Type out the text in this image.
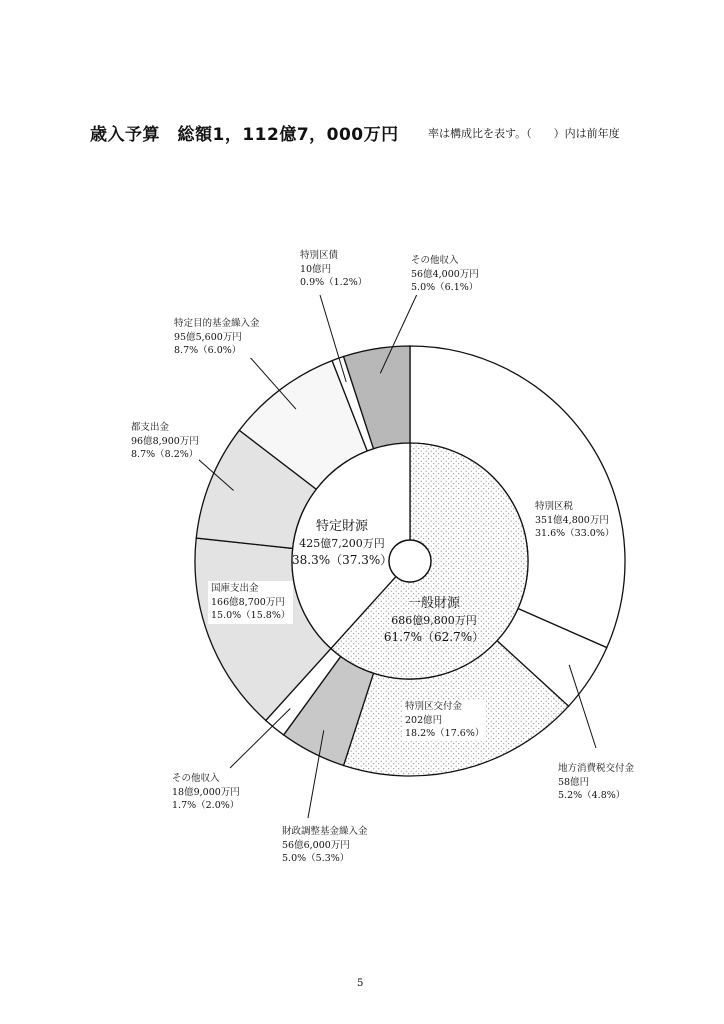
歳入予算　総額1，112億7，000万円	率は構成比を表す。（　　）内は前年度
特定財源
425億7,200万円
38.3%（37.3%）
一般財源
686億9,800万円
61.7%（62.7%）
特別区税
351億4,800万円
31.6%（33.0%）
地方消費税交付金
58億円
5.2%（4.8%）
特別区交付金
202億円
18.2%（17.6%）
財政調整基金繰入金
56億6,000万円
5.0%（5.3%）
その他収入
18億9,000万円
1.7%（2.0%）
国庫支出金
166億8,700万円
15.0%（15.8%）
都支出金
96億8,900万円
8.7%（8.2%）
特定目的基金繰入金
95億5,600万円
8.7%（6.0%）
特別区債
10億円
0.9%（1.2%）
その他収入
56億4,000万円
5.0%（6.1%）
5
